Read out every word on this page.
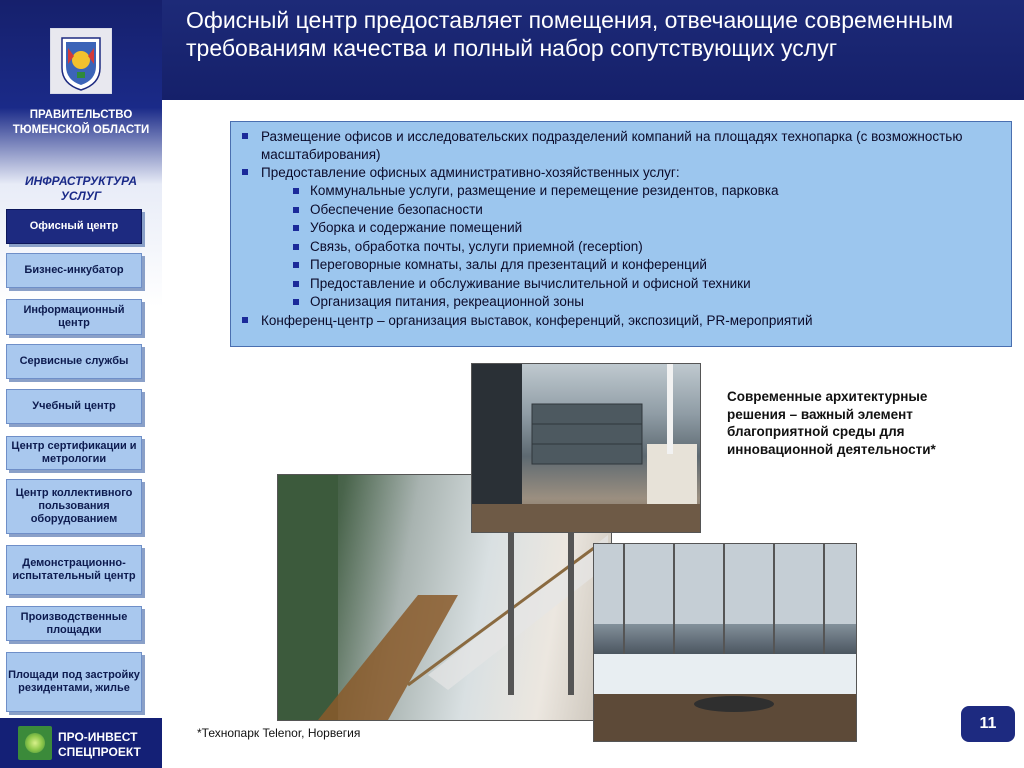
ПРАВИТЕЛЬСТВО ТЮМЕНСКОЙ ОБЛАСТИ
ИНФРАСТРУКТУРА УСЛУГ
Офисный центр
Бизнес-инкубатор
Информационный центр
Сервисные службы
Учебный центр
Центр сертификации и метрологии
Центр коллективного пользования оборудованием
Демонстрационно-испытательный центр
Производственные площадки
Площади под застройку резидентами, жилье
ПРО-ИНВЕСТ СПЕЦПРОЕКТ
Офисный центр предоставляет помещения, отвечающие современным требованиям качества и полный набор сопутствующих услуг
Размещение офисов и исследовательских подразделений компаний на площадях технопарка (с возможностью масштабирования)
Предоставление офисных административно-хозяйственных услуг:
Коммунальные услуги, размещение и перемещение резидентов, парковка
Обеспечение безопасности
Уборка и содержание помещений
Связь, обработка почты, услуги приемной (reception)
Переговорные комнаты, залы для презентаций и конференций
Предоставление и обслуживание вычислительной и офисной техники
Организация питания, рекреационной зоны
Конференц-центр – организация выставок, конференций, экспозиций, PR-мероприятий
Современные архитектурные решения – важный элемент благоприятной среды для инновационной деятельности*
*Технопарк Telenor, Норвегия
11
